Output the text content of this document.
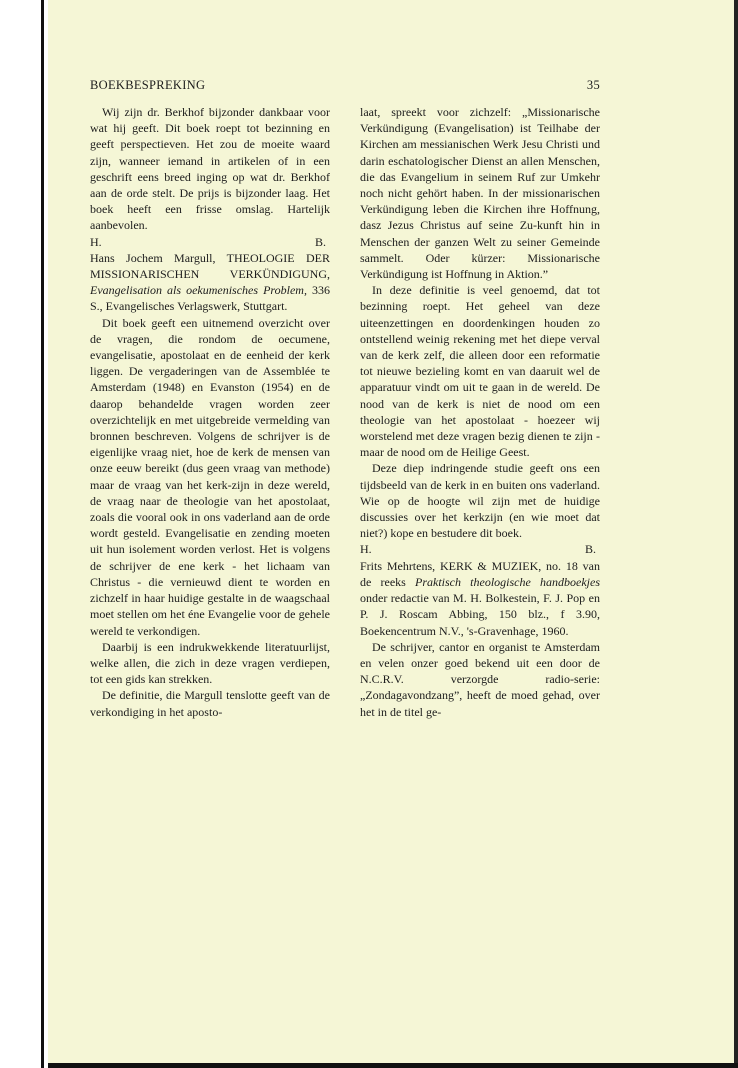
BOEKBESPREKING	35

Wij zijn dr. Berkhof bijzonder dankbaar voor wat hij geeft. Dit boek roept tot bezinning en geeft perspectieven. Het zou de moeite waard zijn, wanneer iemand in artikelen of in een geschrift eens breed inging op wat dr. Berkhof aan de orde stelt. De prijs is bijzonder laag. Het boek heeft een frisse omslag. Hartelijk aanbevolen.

H.	B.

Hans Jochem Margull, THEOLOGIE DER MISSIONARISCHEN VERKÜNDIGUNG, Evangelisation als oekumenisches Problem, 336 S., Evangelisches Verlagswerk, Stuttgart.

Dit boek geeft een uitnemend overzicht over de vragen, die rondom de oecumene, evangelisatie, apostolaat en de eenheid der kerk liggen. De vergaderingen van de Assemblée te Amsterdam (1948) en Evanston (1954) en de daarop behandelde vragen worden zeer overzichtelijk en met uitgebreide vermelding van bronnen beschreven. Volgens de schrijver is de eigenlijke vraag niet, hoe de kerk de mensen van onze eeuw bereikt (dus geen vraag van methode) maar de vraag van het kerk-zijn in deze wereld, de vraag naar de theologie van het apostolaat, zoals die vooral ook in ons vaderland aan de orde wordt gesteld. Evangelisatie en zending moeten uit hun isolement worden verlost. Het is volgens de schrijver de ene kerk - het lichaam van Christus - die vernieuwd dient te worden en zichzelf in haar huidige gestalte in de waagschaal moet stellen om het éne Evangelie voor de gehele wereld te verkondigen.

Daarbij is een indrukwekkende literatuurlijst, welke allen, die zich in deze vragen verdiepen, tot een gids kan strekken.

De definitie, die Margull tenslotte geeft van de verkondiging in het aposto-

laat, spreekt voor zichzelf: „Missionarische Verkündigung (Evangelisation) ist Teilhabe der Kirchen am messianischen Werk Jesu Christi und darin eschatologischer Dienst an allen Menschen, die das Evangelium in seinem Ruf zur Umkehr noch nicht gehört haben. In der missionarischen Verkündigung leben die Kirchen ihre Hoffnung, dasz Jezus Christus auf seine Zu-kunft hin in Menschen der ganzen Welt zu seiner Gemeinde sammelt. Oder kürzer: Missionarische Verkündigung ist Hoffnung in Aktion.”

In deze definitie is veel genoemd, dat tot bezinning roept. Het geheel van deze uiteenzettingen en doordenkingen houden zo ontstellend weinig rekening met het diepe verval van de kerk zelf, die alleen door een reformatie tot nieuwe bezieling komt en van daaruit wel de apparatuur vindt om uit te gaan in de wereld. De nood van de kerk is niet de nood om een theologie van het apostolaat - hoezeer wij worstelend met deze vragen bezig dienen te zijn - maar de nood om de Heilige Geest.

Deze diep indringende studie geeft ons een tijdsbeeld van de kerk in en buiten ons vaderland. Wie op de hoogte wil zijn met de huidige discussies over het kerkzijn (en wie moet dat niet?) kope en bestudere dit boek.

H.	B.

Frits Mehrtens, KERK & MUZIEK, no. 18 van de reeks Praktisch theologische handboekjes onder redactie van M. H. Bolkestein, F. J. Pop en P. J. Roscam Abbing, 150 blz., f 3.90, Boekencentrum N.V., 's-Gravenhage, 1960.

De schrijver, cantor en organist te Amsterdam en velen onzer goed bekend uit een door de N.C.R.V. verzorgde radio-serie: „Zondagavondzang”, heeft de moed gehad, over het in de titel ge-
